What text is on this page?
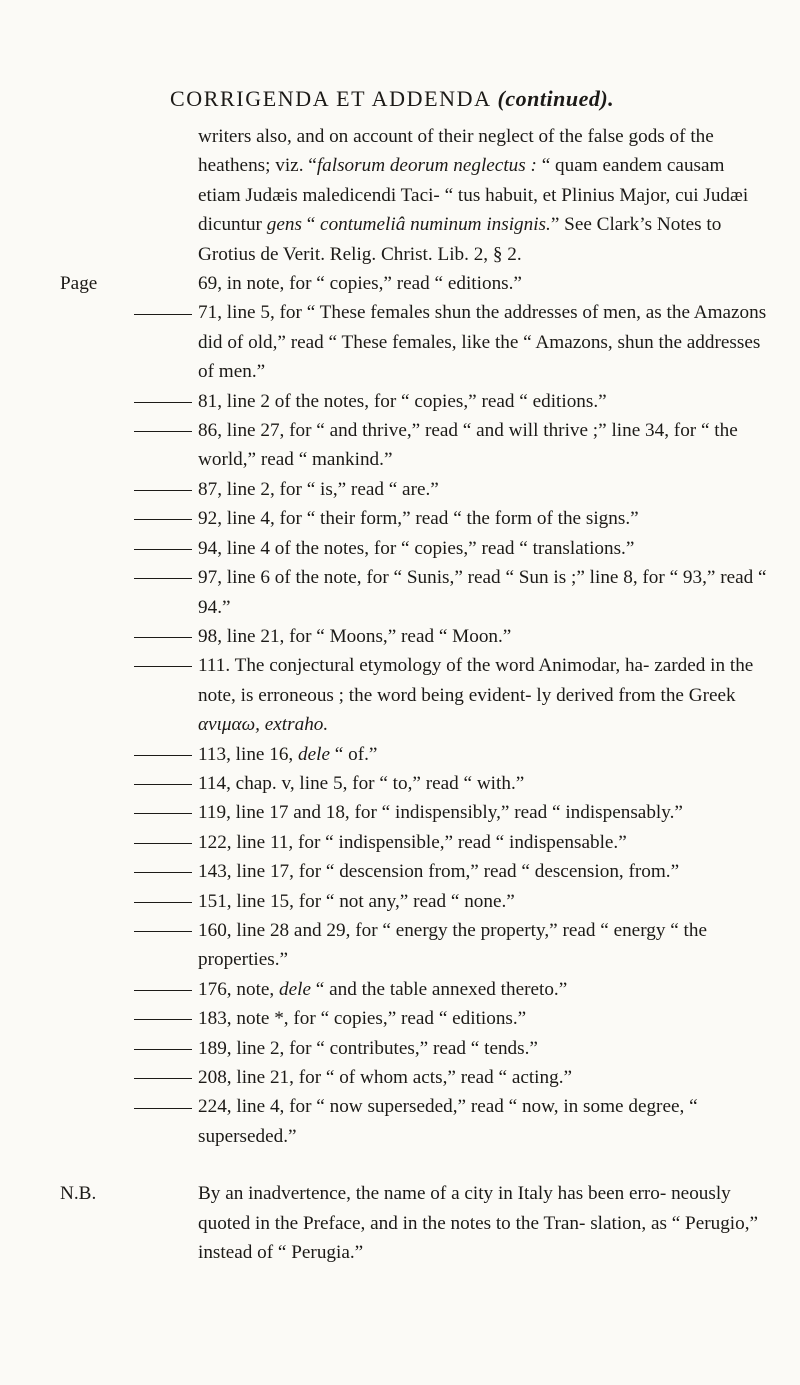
CORRIGENDA ET ADDENDA (continued).

writers also, and on account of their neglect of the false gods of the heathens; viz. “falsorum deorum neglectus : “ quam eandem causam etiam Judæis maledicendi Taci- “ tus habuit, et Plinius Major, cui Judæi dicuntur gens “ contumeliâ numinum insignis.” See Clark’s Notes to Grotius de Verit. Relig. Christ. Lib. 2, § 2.

Page	69, in note, for “ copies,” read “ editions.”

71, line 5, for “ These females shun the addresses of men, as the Amazons did of old,” read “ These females, like the “ Amazons, shun the addresses of men.”

81, line 2 of the notes, for “ copies,” read “ editions.”

86, line 27, for “ and thrive,” read “ and will thrive ;” line 34, for “ the world,” read “ mankind.”

87, line 2, for “ is,” read “ are.”

92, line 4, for “ their form,” read “ the form of the signs.”

94, line 4 of the notes, for “ copies,” read “ translations.”

97, line 6 of the note, for “ Sunis,” read “ Sun is ;” line 8, for “ 93,” read “ 94.”

98, line 21, for “ Moons,” read “ Moon.”

111. The conjectural etymology of the word Animodar, ha- zarded in the note, is erroneous ; the word being evident- ly derived from the Greek ανιμαω, extraho.

113, line 16, dele “ of.”

114, chap. v, line 5, for “ to,” read “ with.”

119, line 17 and 18, for “ indispensibly,” read “ indispensably.”

122, line 11, for “ indispensible,” read “ indispensable.”

143, line 17, for “ descension from,” read “ descension, from.”

151, line 15, for “ not any,” read “ none.”

160, line 28 and 29, for “ energy the property,” read “ energy “ the properties.”

176, note, dele “ and the table annexed thereto.”

183, note *, for “ copies,” read “ editions.”

189, line 2, for “ contributes,” read “ tends.”

208, line 21, for “ of whom acts,” read “ acting.”

224, line 4, for “ now superseded,” read “ now, in some degree, “ superseded.”

N.B.	By an inadvertence, the name of a city in Italy has been erro- neously quoted in the Preface, and in the notes to the Tran- slation, as “ Perugio,” instead of “ Perugia.”
